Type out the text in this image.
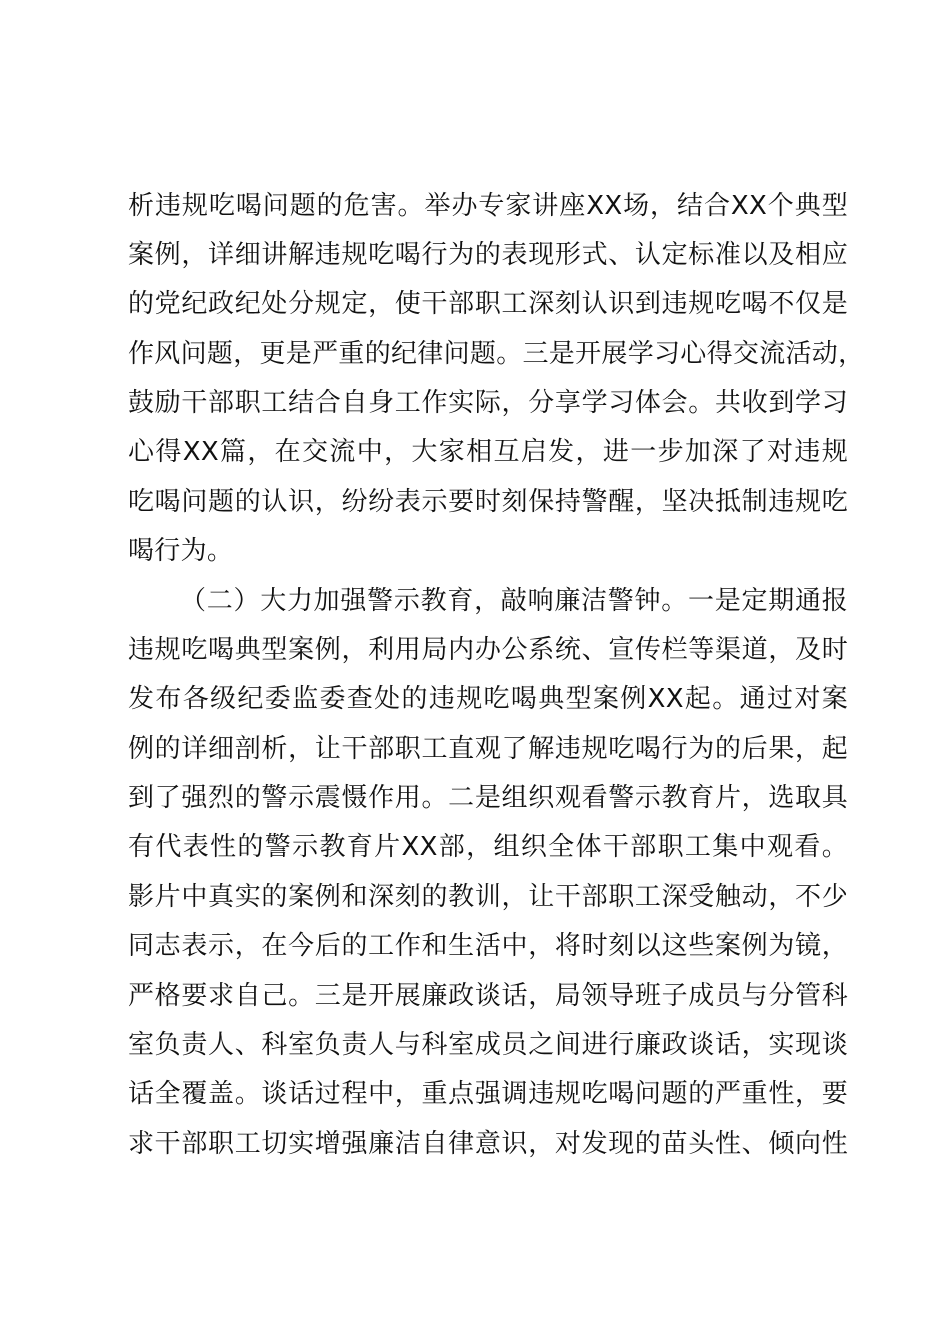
析违规吃喝问题的危害。举办专家讲座XX场，结合XX个典型
案例，详细讲解违规吃喝行为的表现形式、认定标准以及相应
的党纪政纪处分规定，使干部职工深刻认识到违规吃喝不仅是
作风问题，更是严重的纪律问题。三是开展学习心得交流活动，
鼓励干部职工结合自身工作实际，分享学习体会。共收到学习
心得XX篇，在交流中，大家相互启发，进一步加深了对违规
吃喝问题的认识，纷纷表示要时刻保持警醒，坚决抵制违规吃
喝行为。
（二）大力加强警示教育，敲响廉洁警钟。一是定期通报
违规吃喝典型案例，利用局内办公系统、宣传栏等渠道，及时
发布各级纪委监委查处的违规吃喝典型案例XX起。通过对案
例的详细剖析，让干部职工直观了解违规吃喝行为的后果，起
到了强烈的警示震慑作用。二是组织观看警示教育片，选取具
有代表性的警示教育片XX部，组织全体干部职工集中观看。
影片中真实的案例和深刻的教训，让干部职工深受触动，不少
同志表示，在今后的工作和生活中，将时刻以这些案例为镜，
严格要求自己。三是开展廉政谈话，局领导班子成员与分管科
室负责人、科室负责人与科室成员之间进行廉政谈话，实现谈
话全覆盖。谈话过程中，重点强调违规吃喝问题的严重性，要
求干部职工切实增强廉洁自律意识，对发现的苗头性、倾向性
